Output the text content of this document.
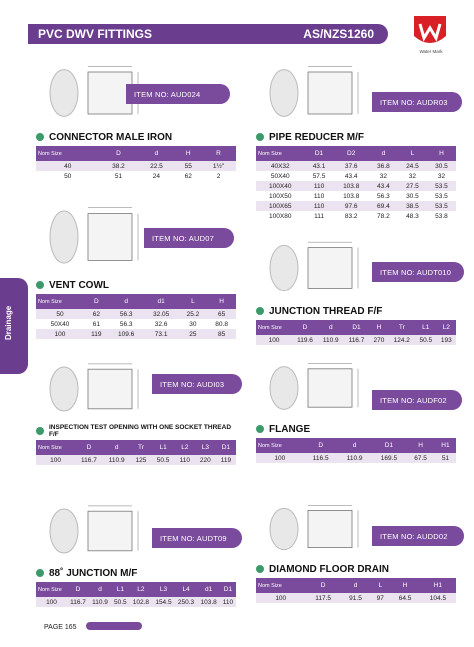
PVC DWV FITTINGS	AS/NZS1260
Water Mark
Drainage
ITEM NO: AUD024
CONNECTOR MALE IRON
Nom Size	D	d	H	R
40	38.2	22.5	55	1½"
50	51	24	62	2
ITEM NO: AUDR03
PIPE REDUCER M/F
Nom Size	D1	D2	d	L	H
40X32	43.1	37.6	36.8	24.5	30.5
50X40	57.5	43.4	32	32	32
100X40	110	103.8	43.4	27.5	53.5
100X50	110	103.8	56.3	30.5	53.5
100X65	110	97.6	69.4	38.5	53.5
100X80	111	83.2	78.2	48.3	53.8
ITEM NO: AUD07
VENT COWL
Nom Size	D	d	d1	L	H
50	62	56.3	32.05	25.2	65
50X40	61	56.3	32.6	30	80.8
100	119	109.6	73.1	25	85
ITEM NO: AUDT010
JUNCTION THREAD F/F
Nom Size	D	d	D1	H	Tr	L1	L2
100	119.6	110.9	116.7	270	124.2	50.5	193
ITEM NO: AUDI03
INSPECTION TEST OPENING WITH ONE SOCKET THREAD F/F
Nom Size	D	d	Tr	L1	L2	L3	D1
100	116.7	110.9	125	50.5	110	220	119
ITEM NO: AUDF02
FLANGE
Nom Size	D	d	D1	H	H1
100	116.5	110.9	169.5	67.5	51
ITEM NO: AUDT09
88˚ JUNCTION M/F
Nom Size	D	d	L1	L2	L3	L4	d1	D1
100	116.7	110.9	50.5	102.8	154.5	250.3	103.8	110
ITEM NO: AUDD02
DIAMOND FLOOR DRAIN
Nom Size	D	d	L	H	H1
100	117.5	91.5	97	64.5	104.5
PAGE 165
